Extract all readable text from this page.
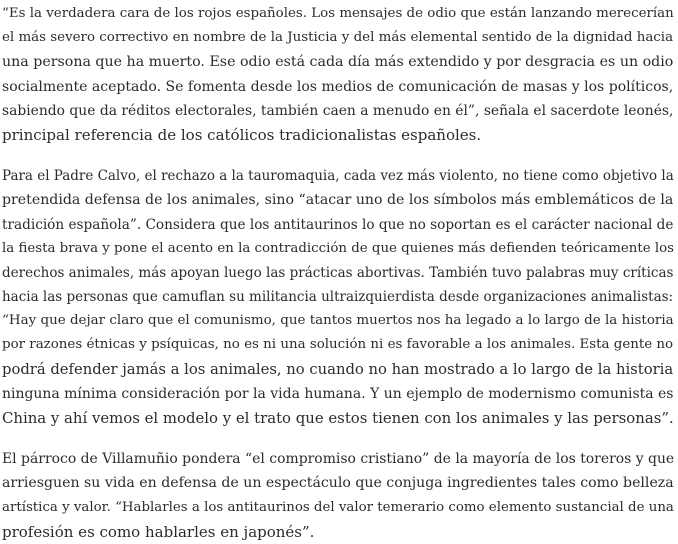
“Es la verdadera cara de los rojos españoles. Los mensajes de odio que están lanzando merecerían
el más severo correctivo en nombre de la Justicia y del más elemental sentido de la dignidad hacia
una persona que ha muerto. Ese odio está cada día más extendido y por desgracia es un odio
socialmente aceptado. Se fomenta desde los medios de comunicación de masas y los políticos,
sabiendo que da réditos electorales, también caen a menudo en él”, señala el sacerdote leonés,
principal referencia de los católicos tradicionalistas españoles.

Para el Padre Calvo, el rechazo a la tauromaquia, cada vez más violento, no tiene como objetivo la
pretendida defensa de los animales, sino “atacar uno de los símbolos más emblemáticos de la
tradición española”. Considera que los antitaurinos lo que no soportan es el carácter nacional de
la fiesta brava y pone el acento en la contradicción de que quienes más defienden teóricamente los
derechos animales, más apoyan luego las prácticas abortivas. También tuvo palabras muy críticas
hacia las personas que camuflan su militancia ultraizquierdista desde organizaciones animalistas:
“Hay que dejar claro que el comunismo, que tantos muertos nos ha legado a lo largo de la historia
por razones étnicas y psíquicas, no es ni una solución ni es favorable a los animales. Esta gente no
podrá defender jamás a los animales, no cuando no han mostrado a lo largo de la historia
ninguna mínima consideración por la vida humana. Y un ejemplo de modernismo comunista es
China y ahí vemos el modelo y el trato que estos tienen con los animales y las personas”.

El párroco de Villamuñio pondera “el compromiso cristiano” de la mayoría de los toreros y que
arriesguen su vida en defensa de un espectáculo que conjuga ingredientes tales como belleza
artística y valor. “Hablarles a los antitaurinos del valor temerario como elemento sustancial de una
profesión es como hablarles en japonés”.
